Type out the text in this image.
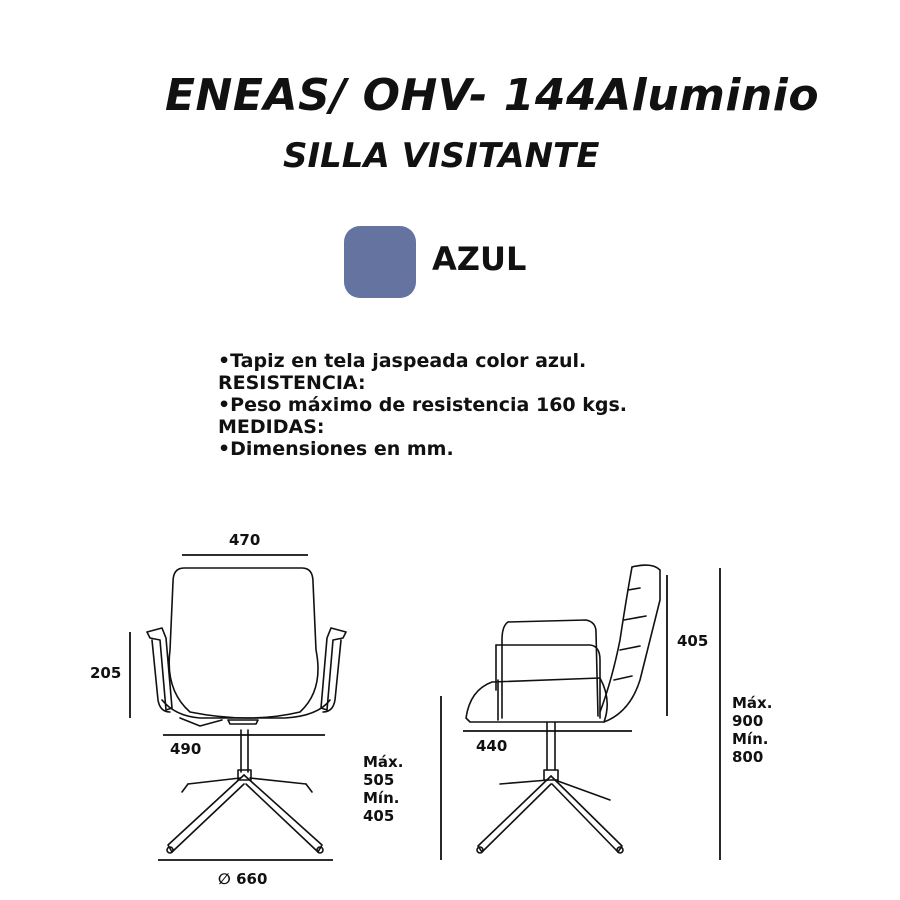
ENEAS/ OHV- 144Aluminio
SILLA VISITANTE
AZUL
•Tapiz en tela jaspeada color azul.
RESISTENCIA:
•Peso máximo de resistencia 160 kgs.
MEDIDAS:
•Dimensiones en mm.
470
205
490
∅ 660
Máx.
505
Mín.
405
440
405
Máx.
900
Mín.
800
